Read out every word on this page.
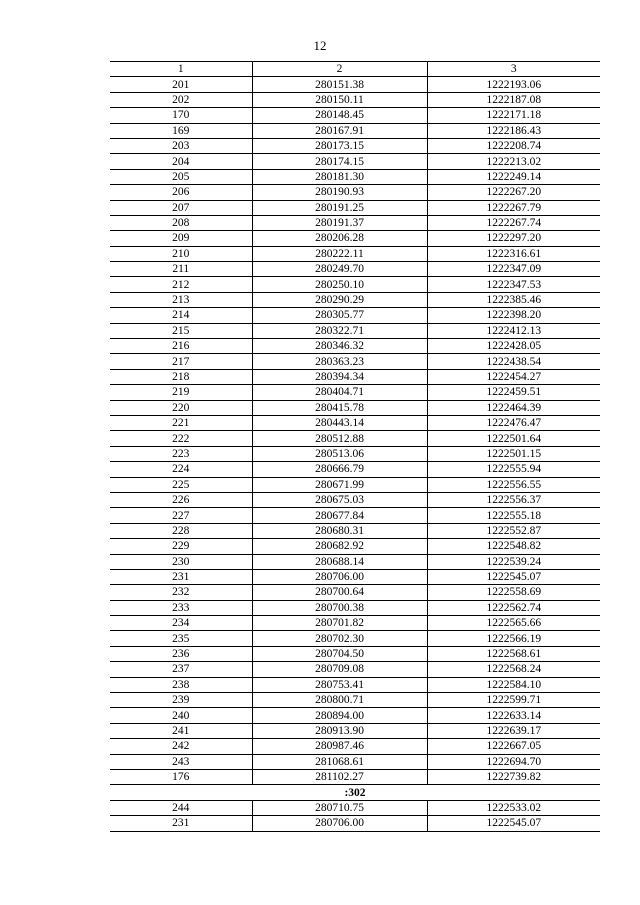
12
1	2	3
201	280151.38	1222193.06
202	280150.11	1222187.08
170	280148.45	1222171.18
169	280167.91	1222186.43
203	280173.15	1222208.74
204	280174.15	1222213.02
205	280181.30	1222249.14
206	280190.93	1222267.20
207	280191.25	1222267.79
208	280191.37	1222267.74
209	280206.28	1222297.20
210	280222.11	1222316.61
211	280249.70	1222347.09
212	280250.10	1222347.53
213	280290.29	1222385.46
214	280305.77	1222398.20
215	280322.71	1222412.13
216	280346.32	1222428.05
217	280363.23	1222438.54
218	280394.34	1222454.27
219	280404.71	1222459.51
220	280415.78	1222464.39
221	280443.14	1222476.47
222	280512.88	1222501.64
223	280513.06	1222501.15
224	280666.79	1222555.94
225	280671.99	1222556.55
226	280675.03	1222556.37
227	280677.84	1222555.18
228	280680.31	1222552.87
229	280682.92	1222548.82
230	280688.14	1222539.24
231	280706.00	1222545.07
232	280700.64	1222558.69
233	280700.38	1222562.74
234	280701.82	1222565.66
235	280702.30	1222566.19
236	280704.50	1222568.61
237	280709.08	1222568.24
238	280753.41	1222584.10
239	280800.71	1222599.71
240	280894.00	1222633.14
241	280913.90	1222639.17
242	280987.46	1222667.05
243	281068.61	1222694.70
176	281102.27	1222739.82
:302		
244	280710.75	1222533.02
231	280706.00	1222545.07
